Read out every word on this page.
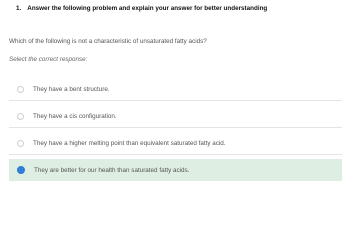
1. Answer the following problem and explain your answer for better understanding
Which of the following is not a characteristic of unsaturated fatty acids?
Select the correct response:
They have a bent structure.
They have a cis configuration.
They have a higher melting point than equivalent saturated fatty acid.
They are better for our health than saturated fatty acids.
